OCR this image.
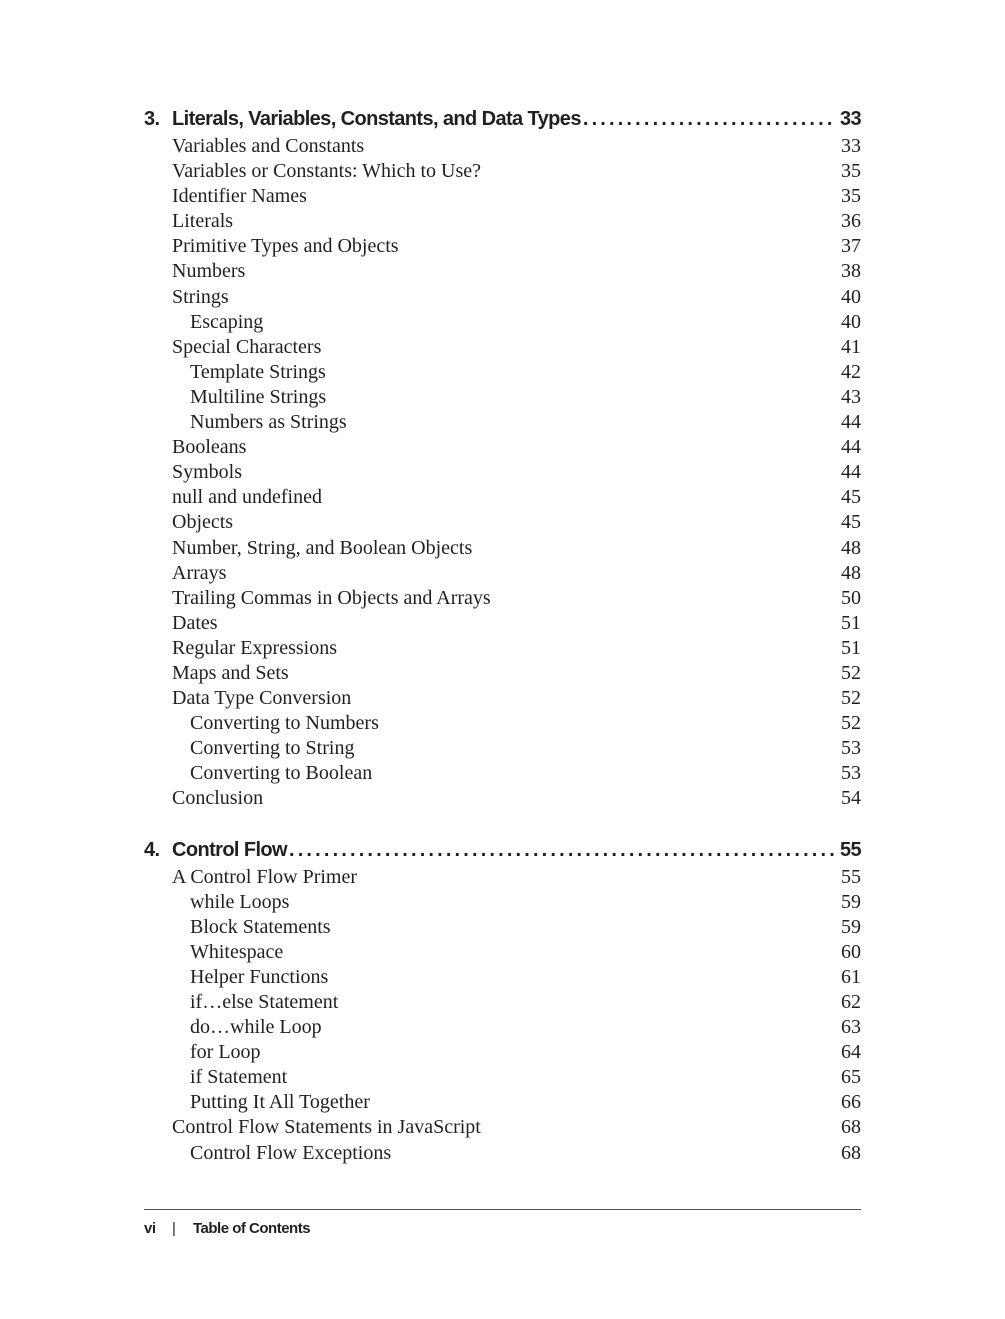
3. Literals, Variables, Constants, and Data Types . . .	33
Variables and Constants	33
Variables or Constants: Which to Use?	35
Identifier Names	35
Literals	36
Primitive Types and Objects	37
Numbers	38
Strings	40
Escaping	40
Special Characters	41
Template Strings	42
Multiline Strings	43
Numbers as Strings	44
Booleans	44
Symbols	44
null and undefined	45
Objects	45
Number, String, and Boolean Objects	48
Arrays	48
Trailing Commas in Objects and Arrays	50
Dates	51
Regular Expressions	51
Maps and Sets	52
Data Type Conversion	52
Converting to Numbers	52
Converting to String	53
Converting to Boolean	53
Conclusion	54
4. Control Flow . . .	55
A Control Flow Primer	55
while Loops	59
Block Statements	59
Whitespace	60
Helper Functions	61
if…else Statement	62
do…while Loop	63
for Loop	64
if Statement	65
Putting It All Together	66
Control Flow Statements in JavaScript	68
Control Flow Exceptions	68
vi	|	Table of Contents
